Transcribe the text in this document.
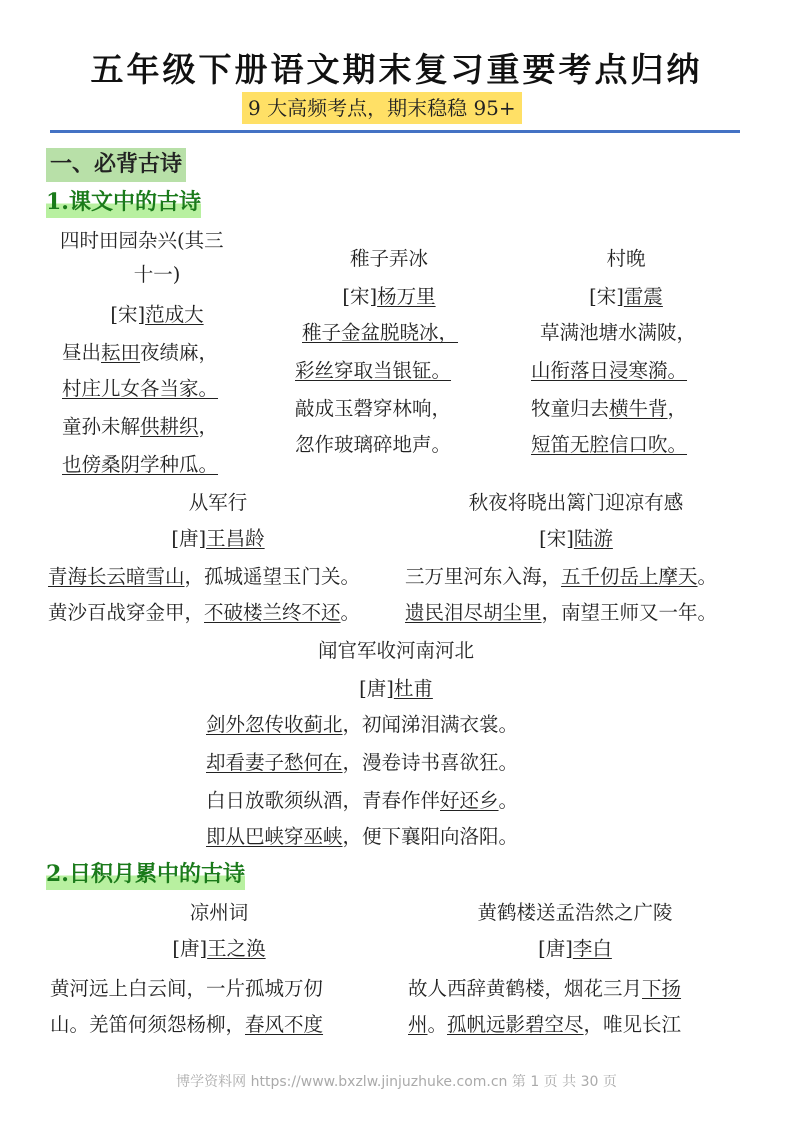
五年级下册语文期末复习重要考点归纳
9 大高频考点，期末稳稳 95+
一、必背古诗
1.课文中的古诗
四时田园杂兴(其三
十一)
[宋]范成大
昼出耘田夜绩麻，
村庄儿女各当家。
童孙未解供耕织，
也傍桑阴学种瓜。
稚子弄冰
[宋]杨万里
稚子金盆脱晓冰，
彩丝穿取当银钲。
敲成玉磬穿林响，
忽作玻璃碎地声。
村晚
[宋]雷震
草满池塘水满陂，
山衔落日浸寒漪。
牧童归去横牛背，
短笛无腔信口吹。
从军行	秋夜将晓出篱门迎凉有感
[唐]王昌龄	[宋]陆游
青海长云暗雪山，孤城遥望玉门关。 三万里河东入海，五千仞岳上摩天。
黄沙百战穿金甲，不破楼兰终不还。 遗民泪尽胡尘里，南望王师又一年。
闻官军收河南河北
[唐]杜甫
剑外忽传收蓟北，初闻涕泪满衣裳。
却看妻子愁何在，漫卷诗书喜欲狂。
白日放歌须纵酒，青春作伴好还乡。
即从巴峡穿巫峡，便下襄阳向洛阳。
2.日积月累中的古诗
凉州词	黄鹤楼送孟浩然之广陵
[唐]王之涣	[唐]李白
黄河远上白云间，一片孤城万仞	故人西辞黄鹤楼，烟花三月下扬
山。羌笛何须怨杨柳，春风不度	州。孤帆远影碧空尽，唯见长江
博学资料网 https://www.bxzlw.jinjuzhuke.com.cn 第 1 页 共 30 页
